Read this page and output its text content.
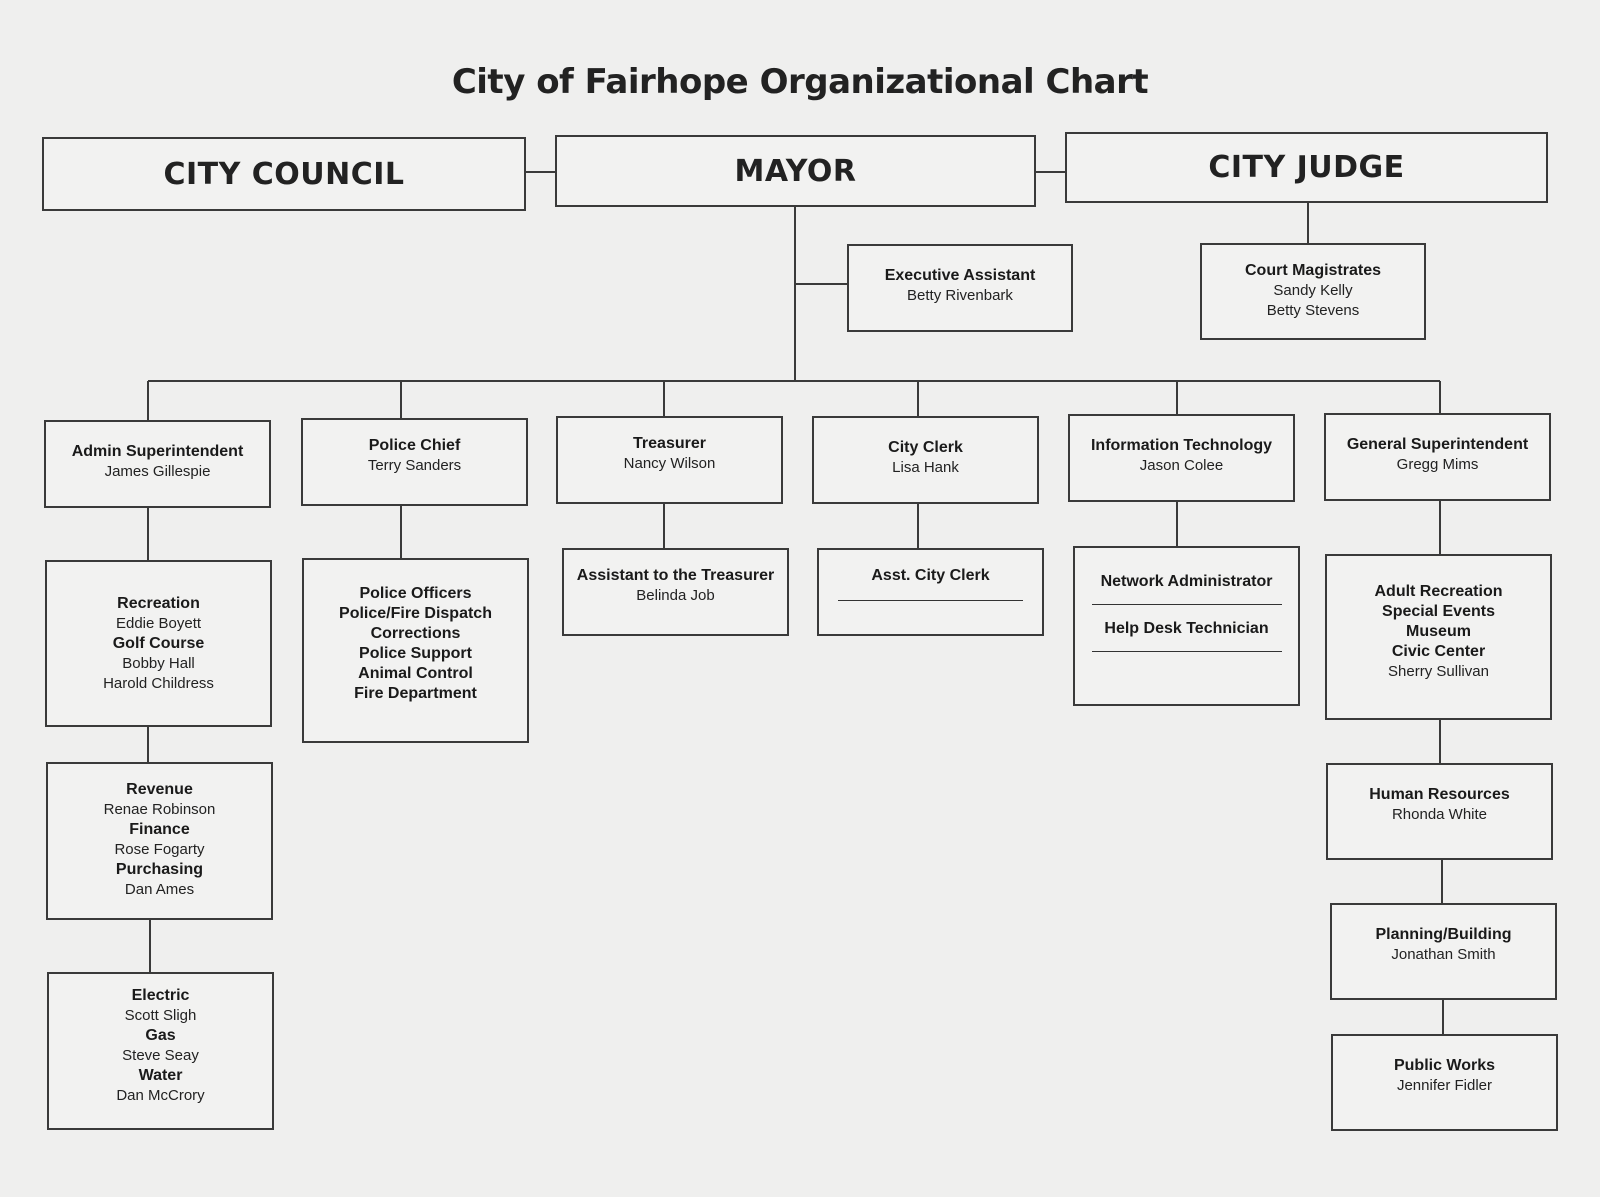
City of Fairhope Organizational Chart
CITY COUNCIL	MAYOR	CITY JUDGE
Executive Assistant
Betty Rivenbark
Court Magistrates
Sandy Kelly
Betty Stevens
Admin Superintendent
James Gillespie
Police Chief
Terry Sanders
Treasurer
Nancy Wilson
City Clerk
Lisa Hank
Information Technology
Jason Colee
General Superintendent
Gregg Mims
Recreation
Eddie Boyett
Golf Course
Bobby Hall
Harold Childress
Revenue
Renae Robinson
Finance
Rose Fogarty
Purchasing
Dan Ames
Electric
Scott Sligh
Gas
Steve Seay
Water
Dan McCrory
Police Officers
Police/Fire Dispatch
Corrections
Police Support
Animal Control
Fire Department
Assistant to the Treasurer
Belinda Job
Asst. City Clerk	Network Administrator
Help Desk Technician
Adult Recreation
Special Events
Museum
Civic Center
Sherry Sullivan
Human Resources
Rhonda White
Planning/Building
Jonathan Smith
Public Works
Jennifer Fidler
